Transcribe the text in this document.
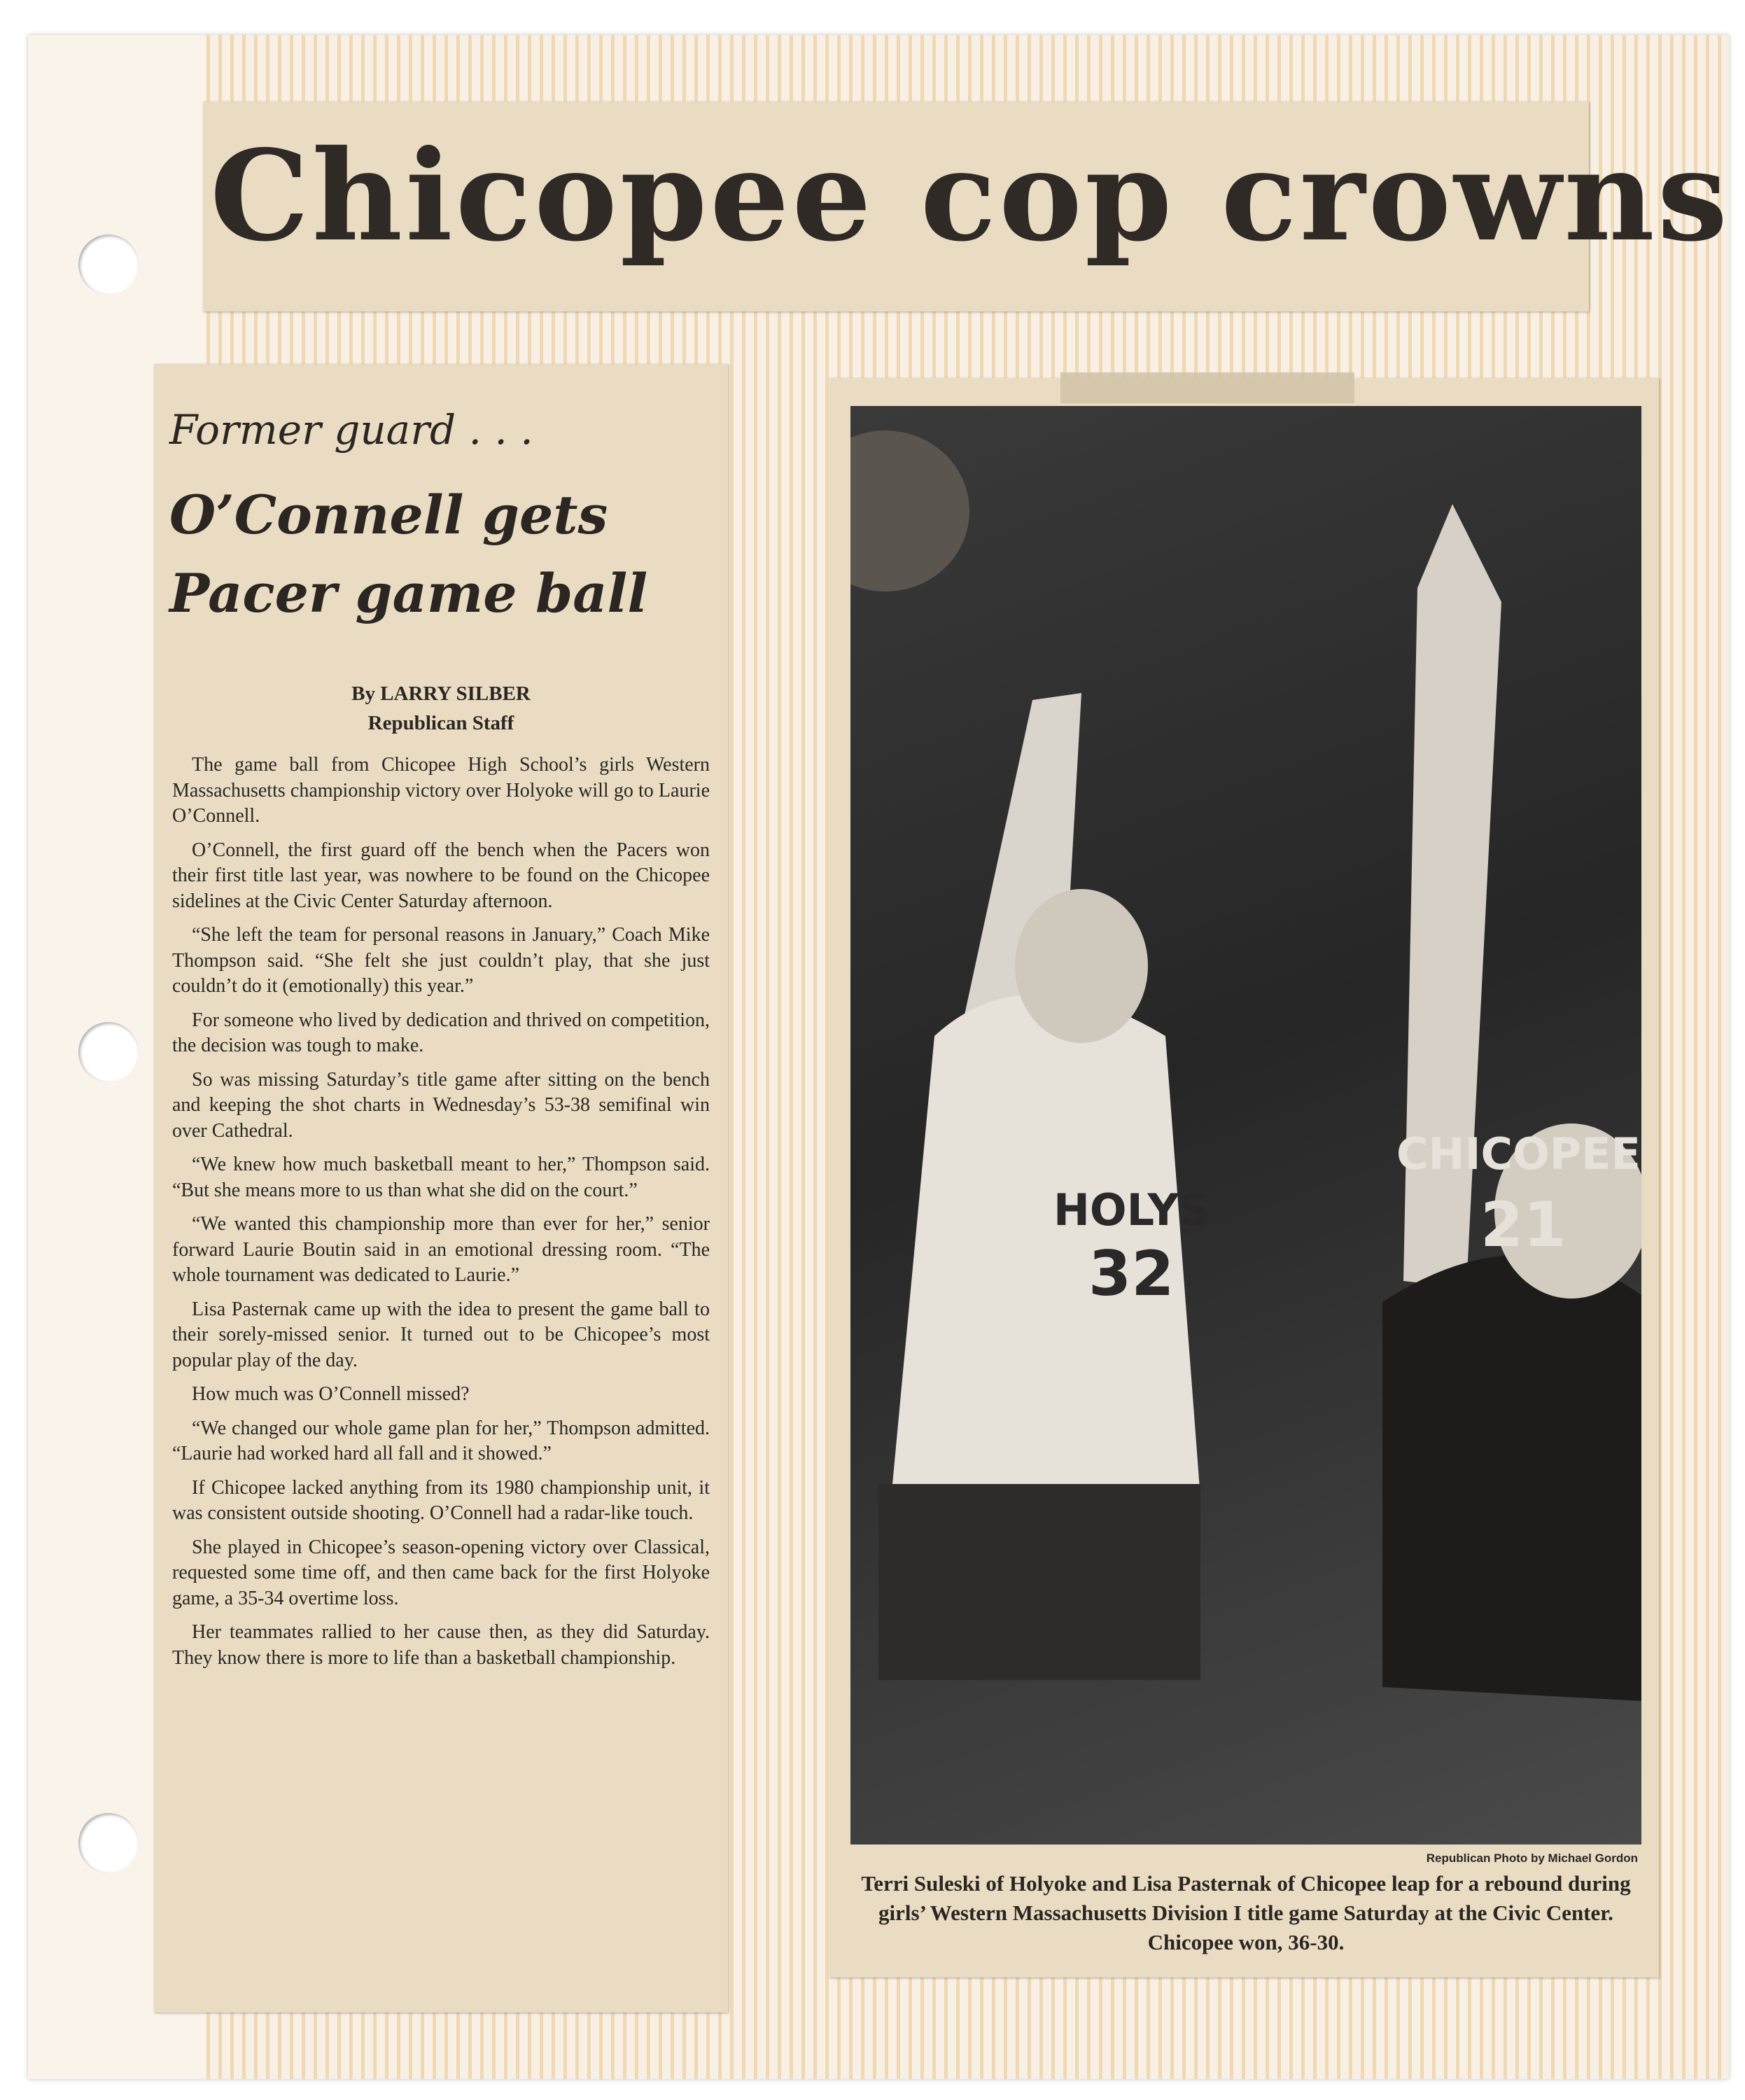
Chicopee cop crowns
Former guard . . .
O’Connell gets
Pacer game ball
By LARRY SILBER
Republican Staff

The game ball from Chicopee High School’s girls Western Massachusetts championship victory over Holyoke will go to Laurie O’Connell.

O’Connell, the first guard off the bench when the Pacers won their first title last year, was nowhere to be found on the Chicopee sidelines at the Civic Center Saturday afternoon.

“She left the team for personal reasons in January,” Coach Mike Thompson said. “She felt she just couldn’t play, that she just couldn’t do it (emotionally) this year.”

For someone who lived by dedication and thrived on competition, the decision was tough to make.

So was missing Saturday’s title game after sitting on the bench and keeping the shot charts in Wednesday’s 53-38 semifinal win over Cathedral.

“We knew how much basketball meant to her,” Thompson said. “But she means more to us than what she did on the court.”

“We wanted this championship more than ever for her,” senior forward Laurie Boutin said in an emotional dressing room. “The whole tournament was dedicated to Laurie.”

Lisa Pasternak came up with the idea to present the game ball to their sorely-missed senior. It turned out to be Chicopee’s most popular play of the day.

How much was O’Connell missed?

“We changed our whole game plan for her,” Thompson admitted. “Laurie had worked hard all fall and it showed.”

If Chicopee lacked anything from its 1980 championship unit, it was consistent outside shooting. O’Connell had a radar-like touch.

She played in Chicopee’s season-opening victory over Classical, requested some time off, and then came back for the first Holyoke game, a 35-34 overtime loss.

Her teammates rallied to her cause then, as they did Saturday. They know there is more to life than a basketball championship.

HOLYS
32
CHICOPEE
21
Republican Photo by Michael Gordon
Terri Suleski of Holyoke and Lisa Pasternak of Chicopee leap for a rebound during girls’ Western Massachusetts Division I title game Saturday at the Civic Center. Chicopee won, 36-30.
